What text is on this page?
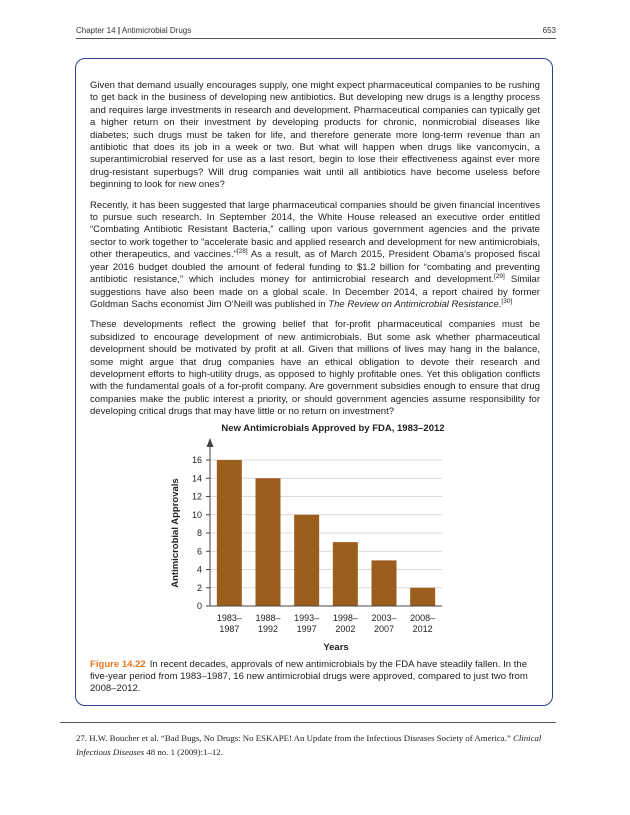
Chapter 14 | Antimicrobial Drugs	653

Given that demand usually encourages supply, one might expect pharmaceutical companies to be rushing to get back in the business of developing new antibiotics. But developing new drugs is a lengthy process and requires large investments in research and development. Pharmaceutical companies can typically get a higher return on their investment by developing products for chronic, nonmicrobial diseases like diabetes; such drugs must be taken for life, and therefore generate more long-term revenue than an antibiotic that does its job in a week or two. But what will happen when drugs like vancomycin, a superantimicrobial reserved for use as a last resort, begin to lose their effectiveness against ever more drug-resistant superbugs? Will drug companies wait until all antibiotics have become useless before beginning to look for new ones?

Recently, it has been suggested that large pharmaceutical companies should be given financial incentives to pursue such research. In September 2014, the White House released an executive order entitled “Combating Antibiotic Resistant Bacteria,” calling upon various government agencies and the private sector to work together to “accelerate basic and applied research and development for new antimicrobials, other therapeutics, and vaccines.”[28] As a result, as of March 2015, President Obama’s proposed fiscal year 2016 budget doubled the amount of federal funding to $1.2 billion for “combating and preventing antibiotic resistance,” which includes money for antimicrobial research and development.[29] Similar suggestions have also been made on a global scale. In December 2014, a report chaired by former Goldman Sachs economist Jim O’Neill was published in The Review on Antimicrobial Resistance.[30]

These developments reflect the growing belief that for-profit pharmaceutical companies must be subsidized to encourage development of new antimicrobials. But some ask whether pharmaceutical development should be motivated by profit at all. Given that millions of lives may hang in the balance, some might argue that drug companies have an ethical obligation to devote their research and development efforts to high-utility drugs, as opposed to highly profitable ones. Yet this obligation conflicts with the fundamental goals of a for-profit company. Are government subsidies enough to ensure that drug companies make the public interest a priority, or should government agencies assume responsibility for developing critical drugs that may have little or no return on investment?

New Antimicrobials Approved by FDA, 1983–2012
0
2
4
6
8
10
12
14
16
1983–
1987
1988–
1992
1993–
1997
1998–
2002
2003–
2007
2008–
2012
Antimicrobial Approvals
Years
Figure 14.22 In recent decades, approvals of new antimicrobials by the FDA have steadily fallen. In the five-year period from 1983–1987, 16 new antimicrobial drugs were approved, compared to just two from 2008–2012.
27. H.W. Boucher et al. “Bad Bugs, No Drugs: No ESKAPE! An Update from the Infectious Diseases Society of America.” Clinical Infectious Diseases 48 no. 1 (2009):1–12.
